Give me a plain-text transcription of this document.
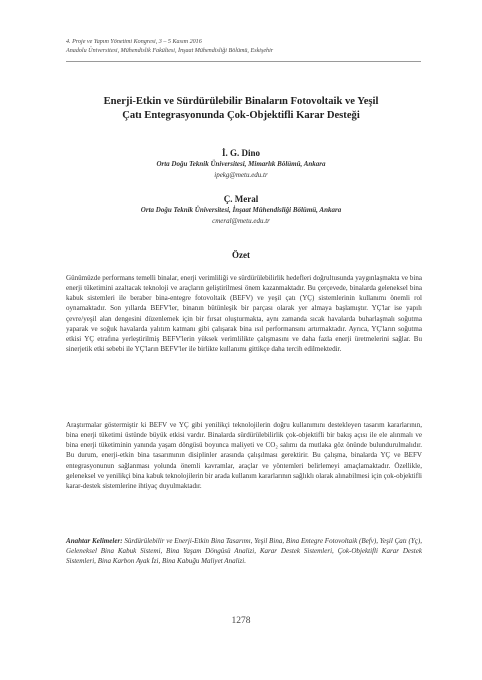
4. Proje ve Yapım Yönetimi Kongresi, 3 – 5 Kasım 2016
Anadolu Üniversitesi, Mühendislik Fakültesi, İnşaat Mühendisliği Bölümü, Eskişehir
Enerji-Etkin ve Sürdürülebilir Binaların Fotovoltaik ve Yeşil
Çatı Entegrasyonunda Çok-Objektifli Karar Desteği
İ. G. Dino
Orta Doğu Teknik Üniversitesi, Mimarlık Bölümü, Ankara
ipekg@metu.edu.tr
Ç. Meral
Orta Doğu Teknik Üniversitesi, İnşaat Mühendisliği Bölümü, Ankara
cmeral@metu.edu.tr
Özet

Günümüzde performans temelli binalar, enerji verimliliği ve sürdürülebilirlik hedefleri doğrultusunda yaygınlaşmakta ve bina enerji tüketimini azaltacak teknoloji ve araçların geliştirilmesi önem kazanmaktadır. Bu çerçevede, binalarda geleneksel bina kabuk sistemleri ile beraber bina-entegre fotovoltaik (BEFV) ve yeşil çatı (YÇ) sistemlerinin kullanımı önemli rol oynamaktadır. Son yıllarda BEFV'ler, binanın bütünleşik bir parçası olarak yer almaya başlamıştır. YÇ'lar ise yapılı çevre/yeşil alan dengesini düzenlemek için bir fırsat oluşturmakta, aynı zamanda sıcak havalarda buharlaşmalı soğutma yaparak ve soğuk havalarda yalıtım katmanı gibi çalışarak bina ısıl performansını artırmaktadır. Ayrıca, YÇ'ların soğutma etkisi YÇ etrafına yerleştirilmiş BEFV'lerin yüksek verimlilikte çalışmasını ve daha fazla enerji üretmelerini sağlar. Bu sinerjetik etki sebebi ile YÇ'ların BEFV'ler ile birlikte kullanımı gittikçe daha tercih edilmektedir.

Araştırmalar göstermiştir ki BEFV ve YÇ gibi yenilikçi teknolojilerin doğru kullanımını destekleyen tasarım kararlarının, bina enerji tüketimi üstünde büyük etkisi vardır. Binalarda sürdürülebilirlik çok-objektifli bir bakış açısı ile ele alınmalı ve bina enerji tüketiminin yanında yaşam döngüsü boyunca maliyeti ve CO₂ salımı da mutlaka göz önünde bulundurulmalıdır. Bu durum, enerji-etkin bina tasarımının disiplinler arasında çalışılması gerektirir. Bu çalışma, binalarda YÇ ve BEFV entegrasyonunun sağlanması yolunda önemli kavramlar, araçlar ve yöntemleri belirlemeyi amaçlamaktadır. Özellikle, geleneksel ve yenilikçi bina kabuk teknolojilerin bir arada kullanım kararlarının sağlıklı olarak alınabilmesi için çok-objektifli karar-destek sistemlerine ihtiyaç duyulmaktadır.

Anahtar Kelimeler: Sürdürülebilir ve Enerji-Etkin Bina Tasarımı, Yeşil Bina, Bina Entegre Fotovoltaik (Befv), Yeşil Çatı (Yç), Geleneksel Bina Kabuk Sistemi, Bina Yaşam Döngüsü Analizi, Karar Destek Sistemleri, Çok-Objektifli Karar Destek Sistemleri, Bina Karbon Ayak İzi, Bina Kabuğu Maliyet Analizi.

1278
